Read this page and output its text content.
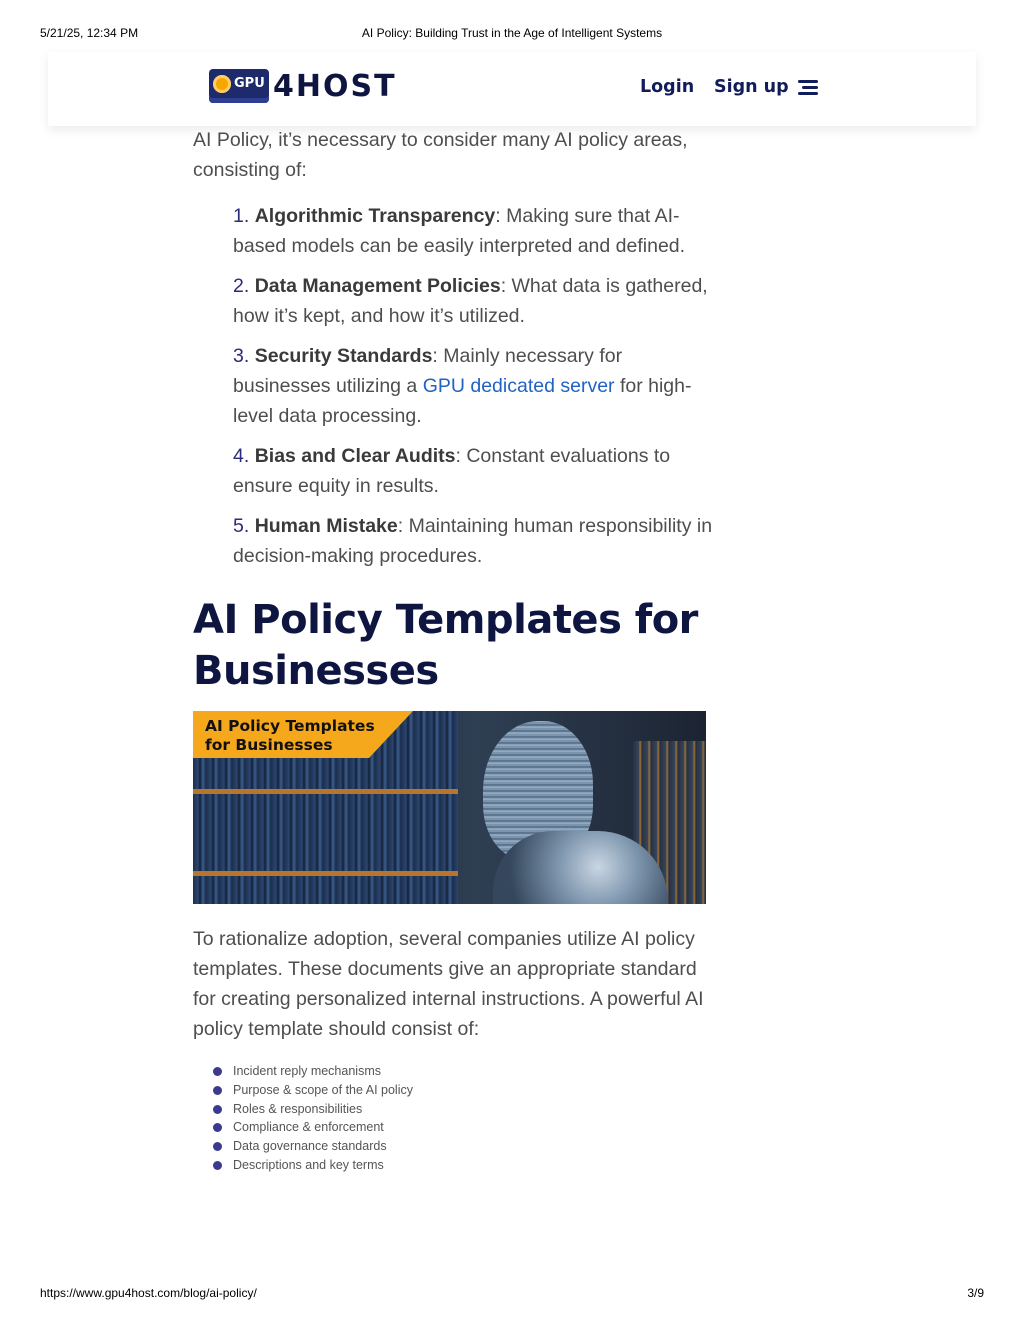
5/21/25, 12:34 PM	AI Policy: Building Trust in the Age of Intelligent Systems

AI Policy, it’s necessary to consider many AI policy areas, consisting of:

1. Algorithmic Transparency: Making sure that AI-based models can be easily interpreted and defined.
2. Data Management Policies: What data is gathered, how it’s kept, and how it’s utilized.
3. Security Standards: Mainly necessary for businesses utilizing a GPU dedicated server for high-level data processing.
4. Bias and Clear Audits: Constant evaluations to ensure equity in results.
5. Human Mistake: Maintaining human responsibility in decision-making procedures.
AI Policy Templates for Businesses
AI Policy Templates for Businesses

To rationalize adoption, several companies utilize AI policy templates. These documents give an appropriate standard for creating personalized internal instructions. A powerful AI policy template should consist of:

Incident reply mechanisms
Purpose & scope of the AI policy
Roles & responsibilities
Compliance & enforcement
Data governance standards
Descriptions and key terms
GPU 4HOST	Login Sign up
https://www.gpu4host.com/blog/ai-policy/	3/9
